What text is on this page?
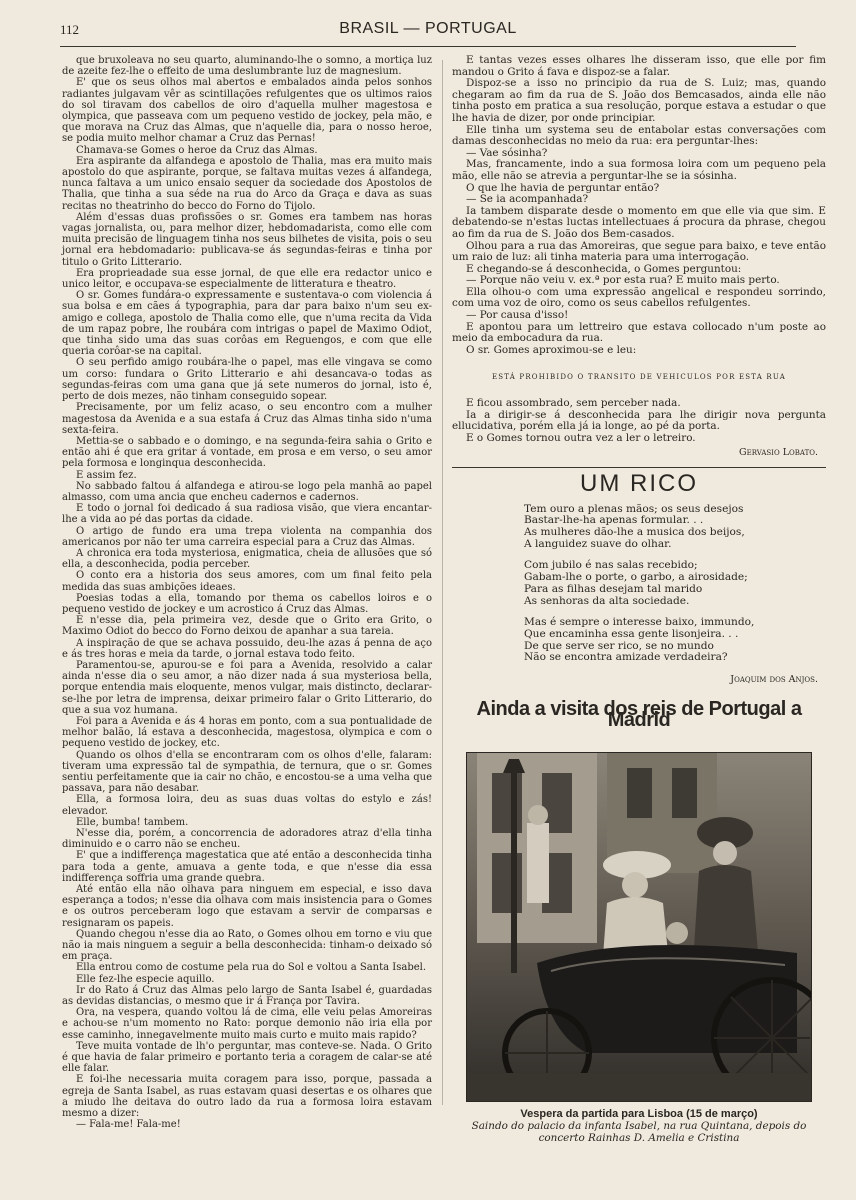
112	BRASIL — PORTUGAL

que bruxoleava no seu quarto, aluminando-lhe o somno, a mortiça luz de azeite fez-lhe o effeito de uma deslumbrante luz de magnesium.

E' que os seus olhos mal abertos e embalados ainda pelos sonhos radiantes julgavam vêr as scintillações refulgentes que os ultimos raios do sol tiravam dos cabellos de oiro d'aquella mulher magestosa e olympica, que passeava com um pequeno vestido de jockey, pela mão, e que morava na Cruz das Almas, que n'aquelle dia, para o nosso heroe, se podia muito melhor chamar a Cruz das Pernas!

Chamava-se Gomes o heroe da Cruz das Almas.

Era aspirante da alfandega e apostolo de Thalia, mas era muito mais apostolo do que aspirante, porque, se faltava muitas vezes á alfandega, nunca faltava a um unico ensaio sequer da sociedade dos Apostolos de Thalia, que tinha a sua séde na rua do Arco da Graça e dava as suas recitas no theatrinho do becco do Forno do Tijolo.

Além d'essas duas profissões o sr. Gomes era tambem nas horas vagas jornalista, ou, para melhor dizer, hebdomadarista, como elle com muita precisão de linguagem tinha nos seus bilhetes de visita, pois o seu jornal era hebdomadario: publicava-se ás segundas-feiras e tinha por titulo o Grito Litterario.

Era proprieadade sua esse jornal, de que elle era redactor unico e unico leitor, e occupava-se especialmente de litteratura e theatro.

O sr. Gomes fundára-o expressamente e sustentava-o com violencia á sua bolsa e em cães á typographia, para dar para baixo n'um seu ex-amigo e collega, apostolo de Thalia como elle, que n'uma recita da Vida de um rapaz pobre, lhe roubára com intrigas o papel de Maximo Odiot, que tinha sido uma das suas corôas em Reguengos, e com que elle queria corôar-se na capital.

O seu perfido amigo roubára-lhe o papel, mas elle vingava se como um corso: fundara o Grito Litterario e ahi desancava-o todas as segundas-feiras com uma gana que já sete numeros do jornal, isto é, perto de dois mezes, não tinham conseguido sopear.

Precisamente, por um feliz acaso, o seu encontro com a mulher magestosa da Avenida e a sua estafa á Cruz das Almas tinha sido n'uma sexta-feira.

Mettia-se o sabbado e o domingo, e na segunda-feira sahia o Grito e então ahi é que era gritar á vontade, em prosa e em verso, o seu amor pela formosa e longinqua desconhecida.

E assim fez.

No sabbado faltou á alfandega e atirou-se logo pela manhã ao papel almasso, com uma ancia que encheu cadernos e cadernos.

E todo o jornal foi dedicado á sua radiosa visão, que viera encantar-lhe a vida ao pé das portas da cidade.

O artigo de fundo era uma trepa violenta na companhia dos americanos por não ter uma carreira especial para a Cruz das Almas.

A chronica era toda mysteriosa, enigmatica, cheia de allusões que só ella, a desconhecida, podia perceber.

O conto era a historia dos seus amores, com um final feito pela medida das suas ambições ideaes.

Poesias todas a ella, tomando por thema os cabellos loiros e o pequeno vestido de jockey e um acrostico á Cruz das Almas.

E n'esse dia, pela primeira vez, desde que o Grito era Grito, o Maximo Odiot do becco do Forno deixou de apanhar a sua tareia.

A inspiração de que se achava possuido, deu-lhe azas á penna de aço e ás tres horas e meia da tarde, o jornal estava todo feito.

Paramentou-se, apurou-se e foi para a Avenida, resolvido a calar ainda n'esse dia o seu amor, a não dizer nada á sua mysteriosa bella, porque entendia mais eloquente, menos vulgar, mais distincto, declarar-se-lhe por letra de imprensa, deixar primeiro falar o Grito Litterario, do que a sua voz humana.

Foi para a Avenida e ás 4 horas em ponto, com a sua pontualidade de melhor balão, lá estava a desconhecida, magestosa, olympica e com o pequeno vestido de jockey, etc.

Quando os olhos d'ella se encontraram com os olhos d'elle, falaram: tiveram uma expressão tal de sympathia, de ternura, que o sr. Gomes sentiu perfeitamente que ia cair no chão, e encostou-se a uma velha que passava, para não desabar.

Ella, a formosa loira, deu as suas duas voltas do estylo e zás! elevador.

Elle, bumba! tambem.

N'esse dia, porém, a concorrencia de adoradores atraz d'ella tinha diminuido e o carro não se encheu.

E' que a indifferença magestatica que até então a desconhecida tinha para toda a gente, amuava a gente toda, e que n'esse dia essa indifferença soffria uma grande quebra.

Até então ella não olhava para ninguem em especial, e isso dava esperança a todos; n'esse dia olhava com mais insistencia para o Gomes e os outros perceberam logo que estavam a servir de comparsas e resignaram os papeis.

Quando chegou n'esse dia ao Rato, o Gomes olhou em torno e viu que não ia mais ninguem a seguir a bella desconhecida: tinham-o deixado só em praça.

Ella entrou como de costume pela rua do Sol e voltou a Santa Isabel.

Elle fez-lhe especie aquillo.

Ir do Rato á Cruz das Almas pelo largo de Santa Isabel é, guardadas as devidas distancias, o mesmo que ir á França por Tavira.

Ora, na vespera, quando voltou lá de cima, elle veiu pelas Amoreiras e achou-se n'um momento no Rato: porque demonio não iria ella por esse caminho, innegavelmente muito mais curto e muito mais rapido?

Teve muita vontade de lh'o perguntar, mas conteve-se. Nada. O Grito é que havia de falar primeiro e portanto teria a coragem de calar-se até elle falar.

E foi-lhe necessaria muita coragem para isso, porque, passada a egreja de Santa Isabel, as ruas estavam quasi desertas e os olhares que a miudo lhe deitava do outro lado da rua a formosa loira estavam mesmo a dizer:

— Fala-me! Fala-me!

E tantas vezes esses olhares lhe disseram isso, que elle por fim mandou o Grito á fava e dispoz-se a falar.

Dispoz-se a isso no principio da rua de S. Luiz; mas, quando chegaram ao fim da rua de S. João dos Bemcasados, ainda elle não tinha posto em pratica a sua resolução, porque estava a estudar o que lhe havia de dizer, por onde principiar.

Elle tinha um systema seu de entabolar estas conversações com damas desconhecidas no meio da rua: era perguntar-lhes:

— Vae sósinha?

Mas, francamente, indo a sua formosa loira com um pequeno pela mão, elle não se atrevia a perguntar-lhe se ia sósinha.

O que lhe havia de perguntar então?

— Se ia acompanhada?

Ia tambem disparate desde o momento em que elle via que sim. E debatendo-se n'estas luctas intellectuaes á procura da phrase, chegou ao fim da rua de S. João dos Bem-casados.

Olhou para a rua das Amoreiras, que segue para baixo, e teve então um raio de luz: ali tinha materia para uma interrogação.

E chegando-se á desconhecida, o Gomes perguntou:

— Porque não veiu v. ex.ª por esta rua? E muito mais perto.

Ella olhou-o com uma expressão angelical e respondeu sorrindo, com uma voz de oiro, como os seus cabellos refulgentes.

— Por causa d'isso!

E apontou para um lettreiro que estava collocado n'um poste ao meio da embocadura da rua.

O sr. Gomes aproximou-se e leu:

ESTÁ PROHIBIDO O TRANSITO DE VEHICULOS POR ESTA RUA

E ficou assombrado, sem perceber nada.

Ia a dirigir-se á desconhecida para lhe dirigir nova pergunta ellucidativa, porém ella já ia longe, ao pé da porta.

E o Gomes tornou outra vez a ler o letreiro.

Gervasio Lobato.
UM RICO
Tem ouro a plenas mãos; os seus desejos
Bastar-lhe-ha apenas formular. . .
As mulheres dão-lhe a musica dos beijos,
A languidez suave do olhar.
Com jubilo é nas salas recebido;
Gabam-lhe o porte, o garbo, a airosidade;
Para as filhas desejam tal marido
As senhoras da alta sociedade.
Mas é sempre o interesse baixo, immundo,
Que encaminha essa gente lisonjeira. . .
De que serve ser rico, se no mundo
Não se encontra amizade verdadeira?
Joaquim dos Anjos.
Ainda a visita dos reis de Portugal a Madrid
Vespera da partida para Lisboa (15 de março)
Saindo do palacio da infanta Isabel, na rua Quintana, depois do concerto Rainhas D. Amelia e Cristina
